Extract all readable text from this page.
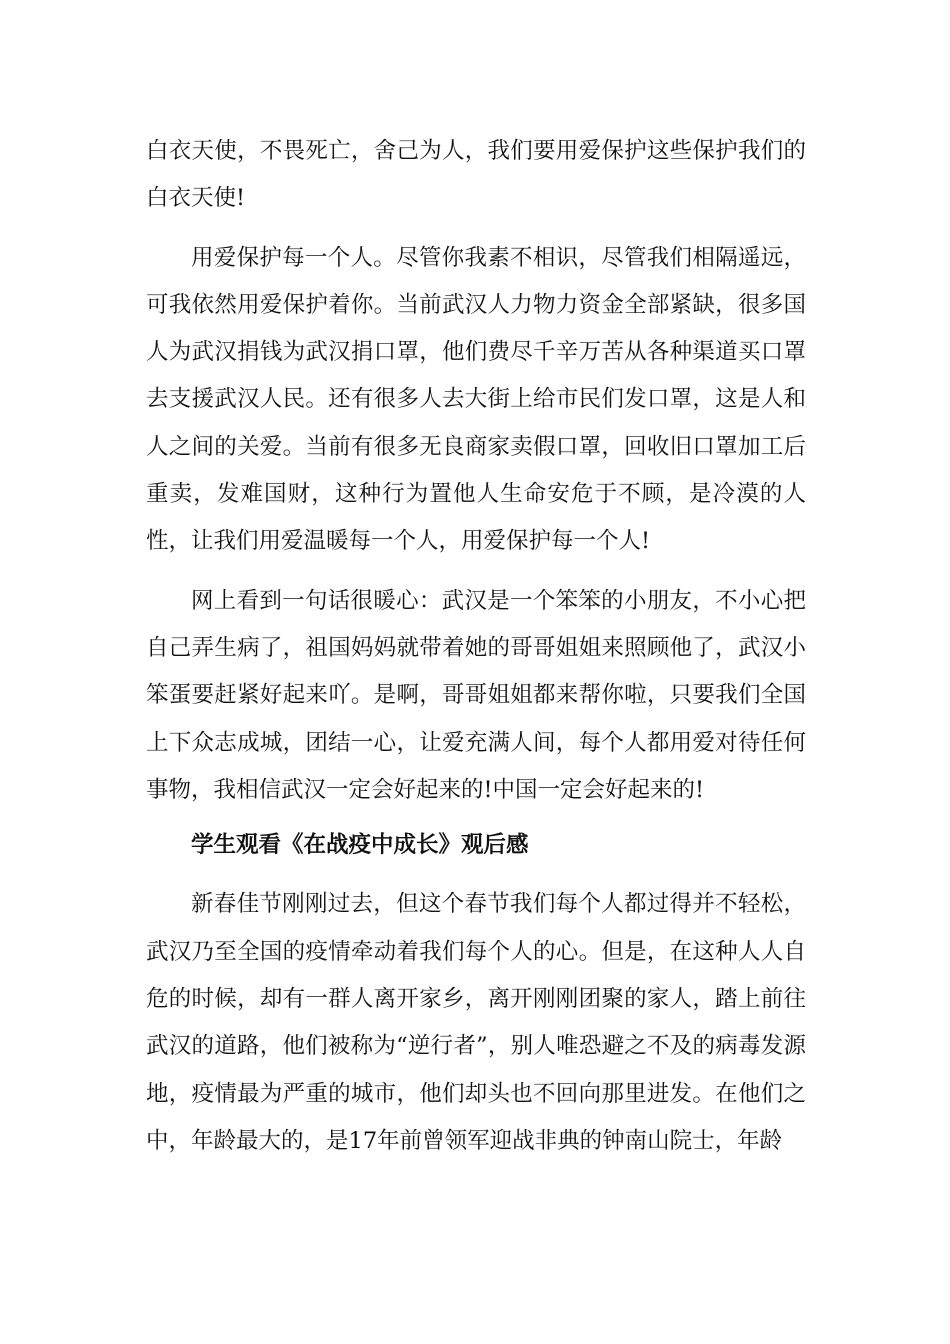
白衣天使，不畏死亡，舍己为人，我们要用爱保护这些保护我们的白衣天使!

用爱保护每一个人。尽管你我素不相识，尽管我们相隔遥远，可我依然用爱保护着你。当前武汉人力物力资金全部紧缺，很多国人为武汉捐钱为武汉捐口罩，他们费尽千辛万苦从各种渠道买口罩去支援武汉人民。还有很多人去大街上给市民们发口罩，这是人和人之间的关爱。当前有很多无良商家卖假口罩，回收旧口罩加工后重卖，发难国财，这种行为置他人生命安危于不顾，是冷漠的人性，让我们用爱温暖每一个人，用爱保护每一个人!

网上看到一句话很暖心：武汉是一个笨笨的小朋友，不小心把自己弄生病了，祖国妈妈就带着她的哥哥姐姐来照顾他了，武汉小笨蛋要赶紧好起来吖。是啊，哥哥姐姐都来帮你啦，只要我们全国上下众志成城，团结一心，让爱充满人间，每个人都用爱对待任何事物，我相信武汉一定会好起来的!中国一定会好起来的!

学生观看《在战疫中成长》观后感

新春佳节刚刚过去，但这个春节我们每个人都过得并不轻松，武汉乃至全国的疫情牵动着我们每个人的心。但是，在这种人人自危的时候，却有一群人离开家乡，离开刚刚团聚的家人，踏上前往武汉的道路，他们被称为“逆行者”，别人唯恐避之不及的病毒发源地，疫情最为严重的城市，他们却头也不回向那里进发。在他们之中，年龄最大的，是17年前曾领军迎战非典的钟南山院士，年龄
